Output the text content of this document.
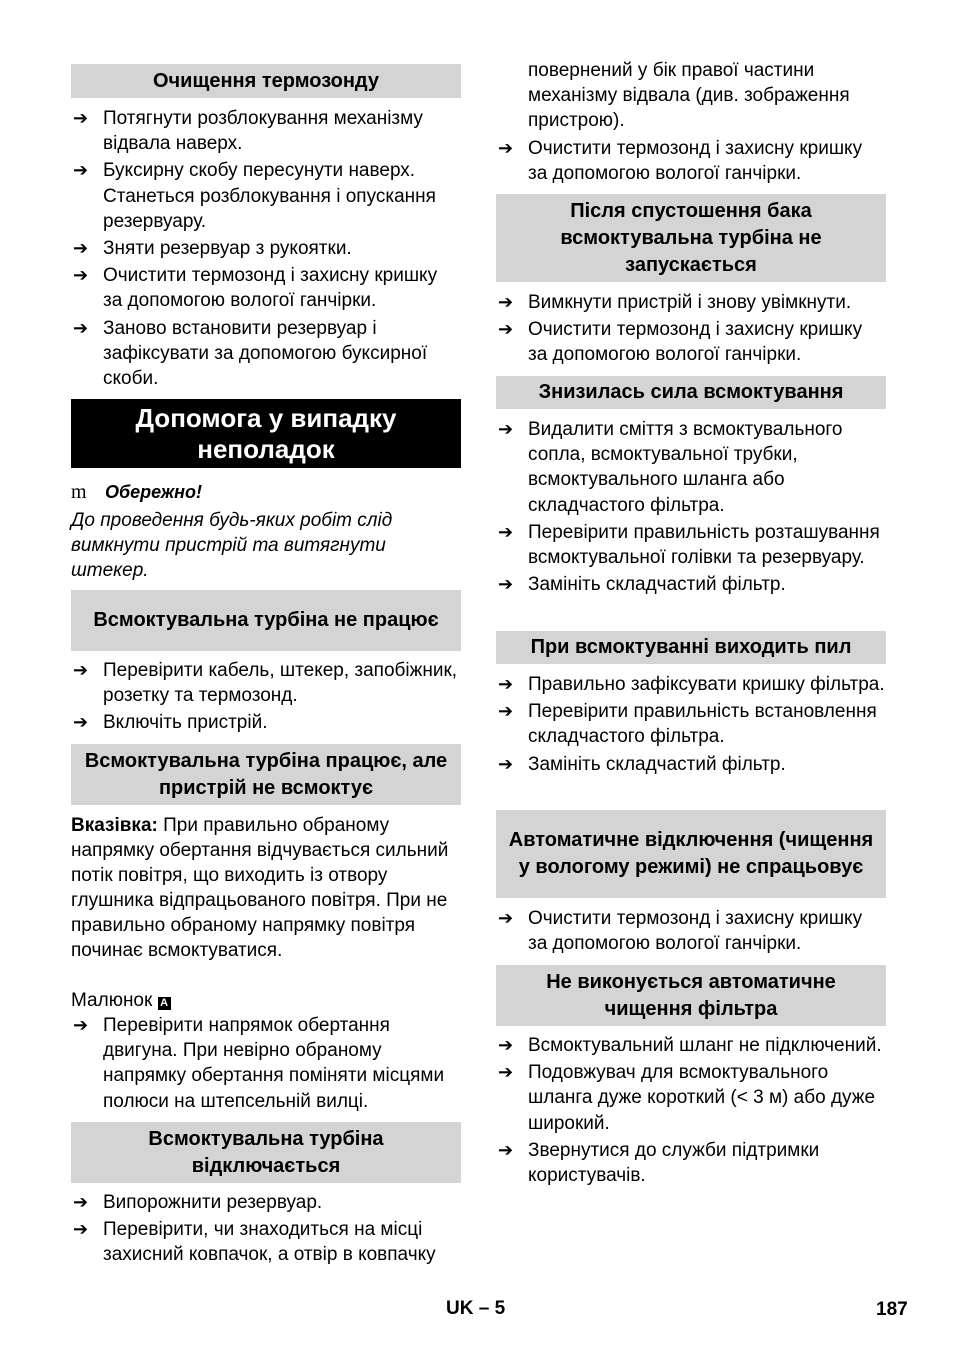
Очищення термозонду
➔ Потягнути розблокування механізму відвала наверх.
➔ Буксирну скобу пересунути наверх. Станеться розблокування і опускання резервуару.
➔ Зняти резервуар з рукоятки.
➔ Очистити термозонд і захисну кришку за допомогою вологої ганчірки.
➔ Заново встановити резервуар і зафіксувати за допомогою буксирної скоби.
Допомога у випадку неполадок
m Обережно!
До проведення будь-яких робіт слід вимкнути пристрій та витягнути штекер.
Всмоктувальна турбіна не працює
➔ Перевірити кабель, штекер, запобіжник, розетку та термозонд.
➔ Включіть пристрій.
Всмоктувальна турбіна працює, але пристрій не всмоктує
Вказівка: При правильно обраному напрямку обертання відчувається сильний потік повітря, що виходить із отвору глушника відпрацьованого повітря. При не правильно обраному напрямку повітря починає всмоктуватися.
Малюнок A
➔ Перевірити напрямок обертання двигуна. При невірно обраному напрямку обертання поміняти місцями полюси на штепсельній вилці.
Всмоктувальна турбіна відключається
➔ Випорожнити резервуар.
➔ Перевірити, чи знаходиться на місці захисний ковпачок, а отвір в ковпачку
повернений у бік правої частини механізму відвала (див. зображення пристрою).
➔ Очистити термозонд і захисну кришку за допомогою вологої ганчірки.
Після спустошення бака всмоктувальна турбіна не запускається
➔ Вимкнути пристрій і знову увімкнути.
➔ Очистити термозонд і захисну кришку за допомогою вологої ганчірки.
Знизилась сила всмоктування
➔ Видалити сміття з всмоктувального сопла, всмоктувальної трубки, всмоктувального шланга або складчастого фільтра.
➔ Перевірити правильність розташування всмоктувальної голівки та резервуару.
➔ Замініть складчастий фільтр.
При всмоктуванні виходить пил
➔ Правильно зафіксувати кришку фільтра.
➔ Перевірити правильність встановлення складчастого фільтра.
➔ Замініть складчастий фільтр.
Автоматичне відключення (чищення у вологому режимі) не спрацьовує
➔ Очистити термозонд і захисну кришку за допомогою вологої ганчірки.
Не виконується автоматичне чищення фільтра
➔ Всмоктувальний шланг не підключений.
➔ Подовжувач для всмоктувального шланга дуже короткий (< 3 м) або дуже широкий.
➔ Звернутися до служби підтримки користувачів.
UK – 5	187
